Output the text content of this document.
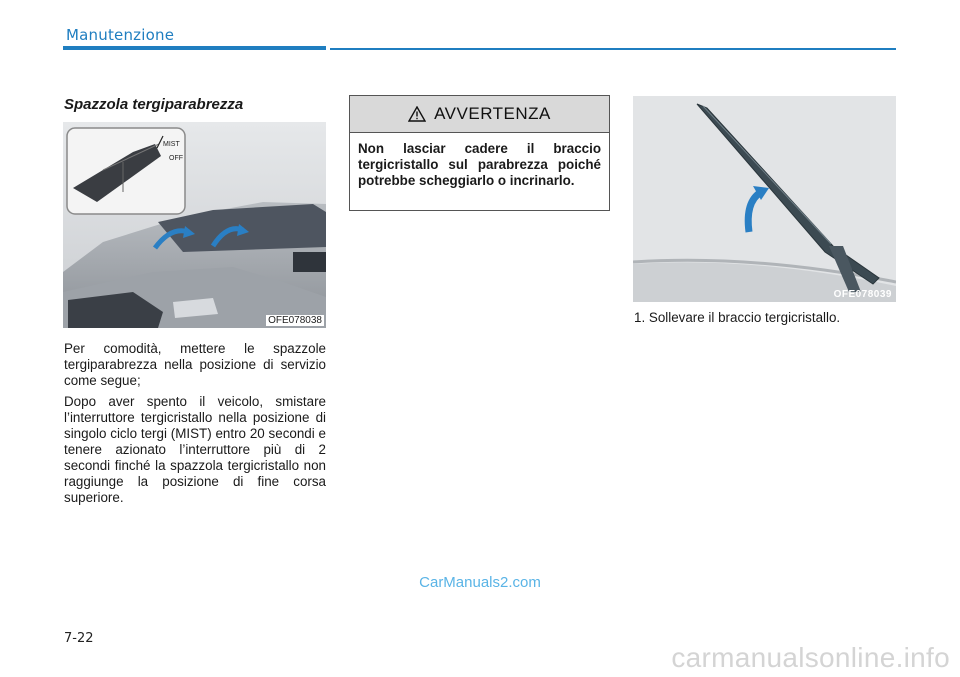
Manutenzione
Spazzola tergiparabrezza
MIST
OFF
OFE078038
Per comodità, mettere le spazzole tergiparabrezza nella posizione di servizio come segue;
Dopo aver spento il veicolo, smistare l’interruttore tergicristallo nella posizione di singolo ciclo tergi (MIST) entro 20 secondi e tenere azionato l’interruttore più di 2 secondi finché la spazzola tergicristallo non raggiunge la posizione di fine corsa superiore.
AVVERTENZA
Non lasciar cadere il braccio tergicristallo sul parabrezza poiché potrebbe scheggiarlo o incrinarlo.
OFE078039
1. Sollevare il braccio tergicristallo.
CarManuals2.com
7-22
carmanualsonline.info
